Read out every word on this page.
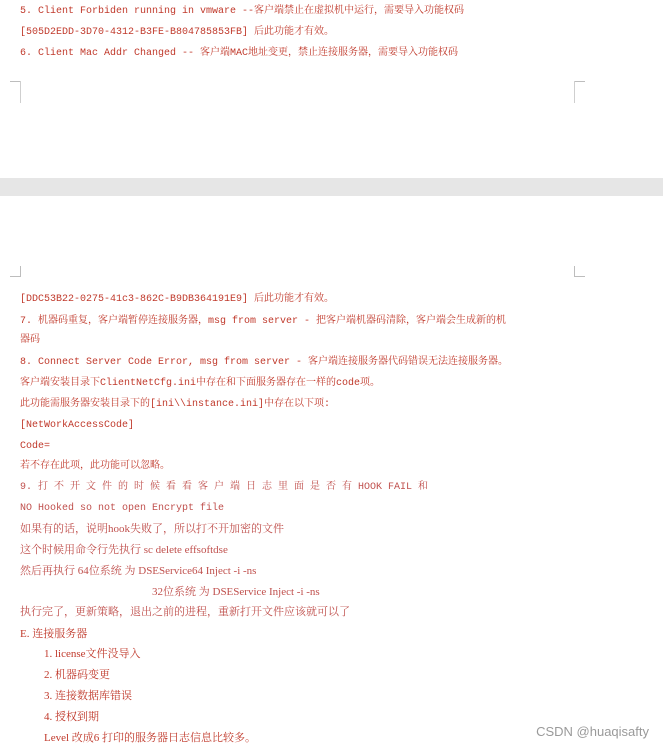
5. Client Forbiden running in vmware --客户端禁止在虚拟机中运行，需要导入功能权码
[505D2EDD-3D70-4312-B3FE-B804785853FB] 后此功能才有效。
6. Client Mac Addr Changed -- 客户端MAC地址变更，禁止连接服务器，需要导入功能权码
[DDC53B22-0275-41c3-862C-B9DB364191E9] 后此功能才有效。
7. 机器码重复，客户端暂停连接服务器，msg from server - 把客户端机器码清除，客户端会生成新的机
器码
8. Connect Server Code Error, msg from server - 客户端连接服务器代码错误无法连接服务器。
客户端安装目录下ClientNetCfg.ini中存在和下面服务器存在一样的code项。
此功能需服务器安装目录下的[ini\\instance.ini]中存在以下项:
[NetWorkAccessCode]
Code=
若不存在此项，此功能可以忽略。
9. 打 不 开 文 件 的 时 候 看 看 客 户 端 日 志 里 面 是 否 有 HOOK FAIL 和
NO Hooked so not open Encrypt file
如果有的话，说明hook失败了，所以打不开加密的文件
这个时候用命令行先执行 sc delete effsoftdse
然后再执行 64位系统 为 DSEService64 Inject -i -ns
32位系统 为 DSEService Inject -i -ns
执行完了，更新策略，退出之前的进程，重新打开文件应该就可以了
E. 连接服务器
1. license文件没导入
2. 机器码变更
3. 连接数据库错误
4. 授权到期
Level 改成6 打印的服务器日志信息比较多。	CSDN @huaqisafty
